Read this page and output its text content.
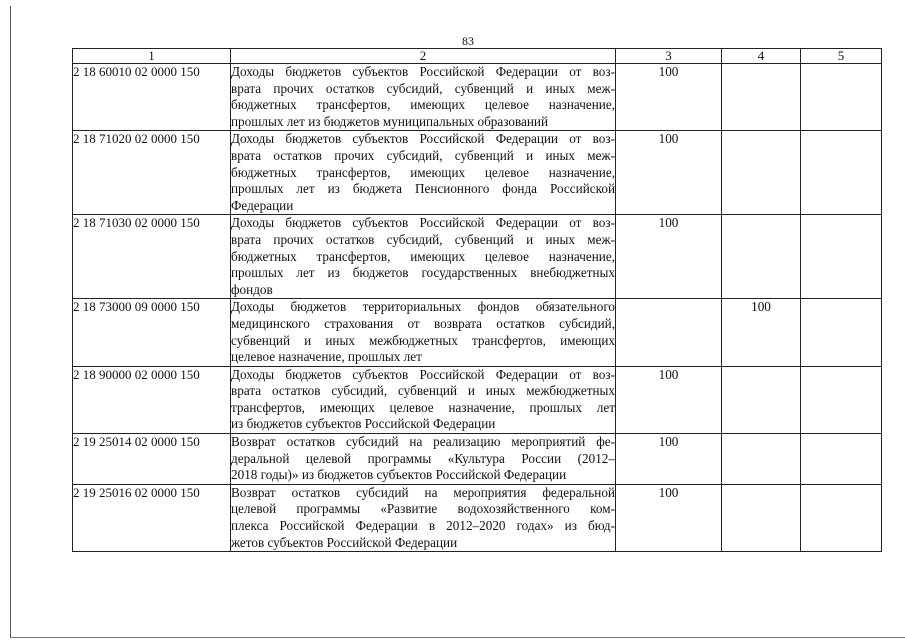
83
1	2	3	4	5
2 18 60010 02 0000 150	Доходы бюджетов субъектов Российской Федерации от воз-
врата прочих остатков субсидий, субвенций и иных меж-
бюджетных трансфертов, имеющих целевое назначение,
прошлых лет из бюджетов муниципальных образований	100		
2 18 71020 02 0000 150	Доходы бюджетов субъектов Российской Федерации от воз-
врата остатков прочих субсидий, субвенций и иных меж-
бюджетных трансфертов, имеющих целевое назначение,
прошлых лет из бюджета Пенсионного фонда Российской
Федерации	100		
2 18 71030 02 0000 150	Доходы бюджетов субъектов Российской Федерации от воз-
врата прочих остатков субсидий, субвенций и иных меж-
бюджетных трансфертов, имеющих целевое назначение,
прошлых лет из бюджетов государственных внебюджетных
фондов	100		
2 18 73000 09 0000 150	Доходы бюджетов территориальных фондов обязательного
медицинского страхования от возврата остатков субсидий,
субвенций и иных межбюджетных трансфертов, имеющих
целевое назначение, прошлых лет		100	
2 18 90000 02 0000 150	Доходы бюджетов субъектов Российской Федерации от воз-
врата остатков субсидий, субвенций и иных межбюджетных
трансфертов, имеющих целевое назначение, прошлых лет
из бюджетов субъектов Российской Федерации	100		
2 19 25014 02 0000 150	Возврат остатков субсидий на реализацию мероприятий фе-
деральной целевой программы «Культура России (2012–
2018 годы)» из бюджетов субъектов Российской Федерации	100		
2 19 25016 02 0000 150	Возврат остатков субсидий на мероприятия федеральной
целевой программы «Развитие водохозяйственного ком-
плекса Российской Федерации в 2012–2020 годах» из бюд-
жетов субъектов Российской Федерации	100		
